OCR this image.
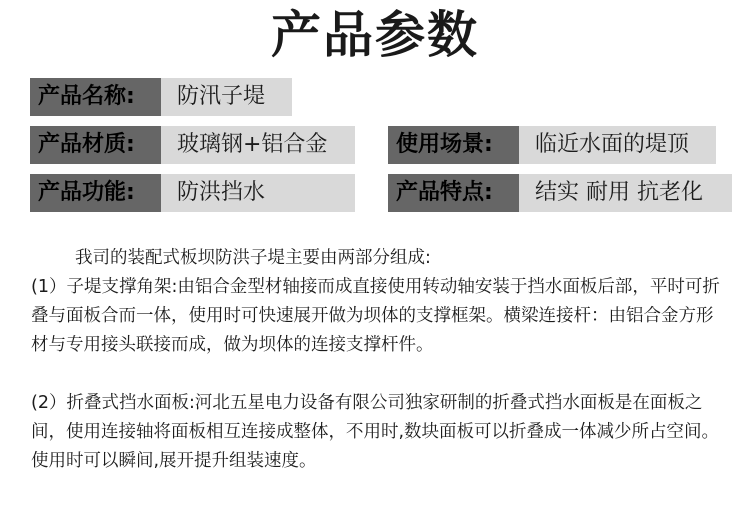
产品参数
产品名称:	防汛子堤
产品材质:	玻璃钢+铝合金	使用场景:	临近水面的堤顶
产品功能:	防洪挡水	产品特点:	结实 耐用 抗老化

我司的装配式板坝防洪子堤主要由两部分组成:

(1）子堤支撑角架:由铝合金型材轴接而成直接使用转动轴安装于挡水面板后部，平时可折叠与面板合而一体，使用时可快速展开做为坝体的支撑框架。横梁连接杆：由铝合金方形材与专用接头联接而成，做为坝体的连接支撑杆件。

(2）折叠式挡水面板:河北五星电力设备有限公司独家研制的折叠式挡水面板是在面板之间，使用连接轴将面板相互连接成整体，不用时,数块面板可以折叠成一体减少所占空间。使用时可以瞬间,展开提升组装速度。
